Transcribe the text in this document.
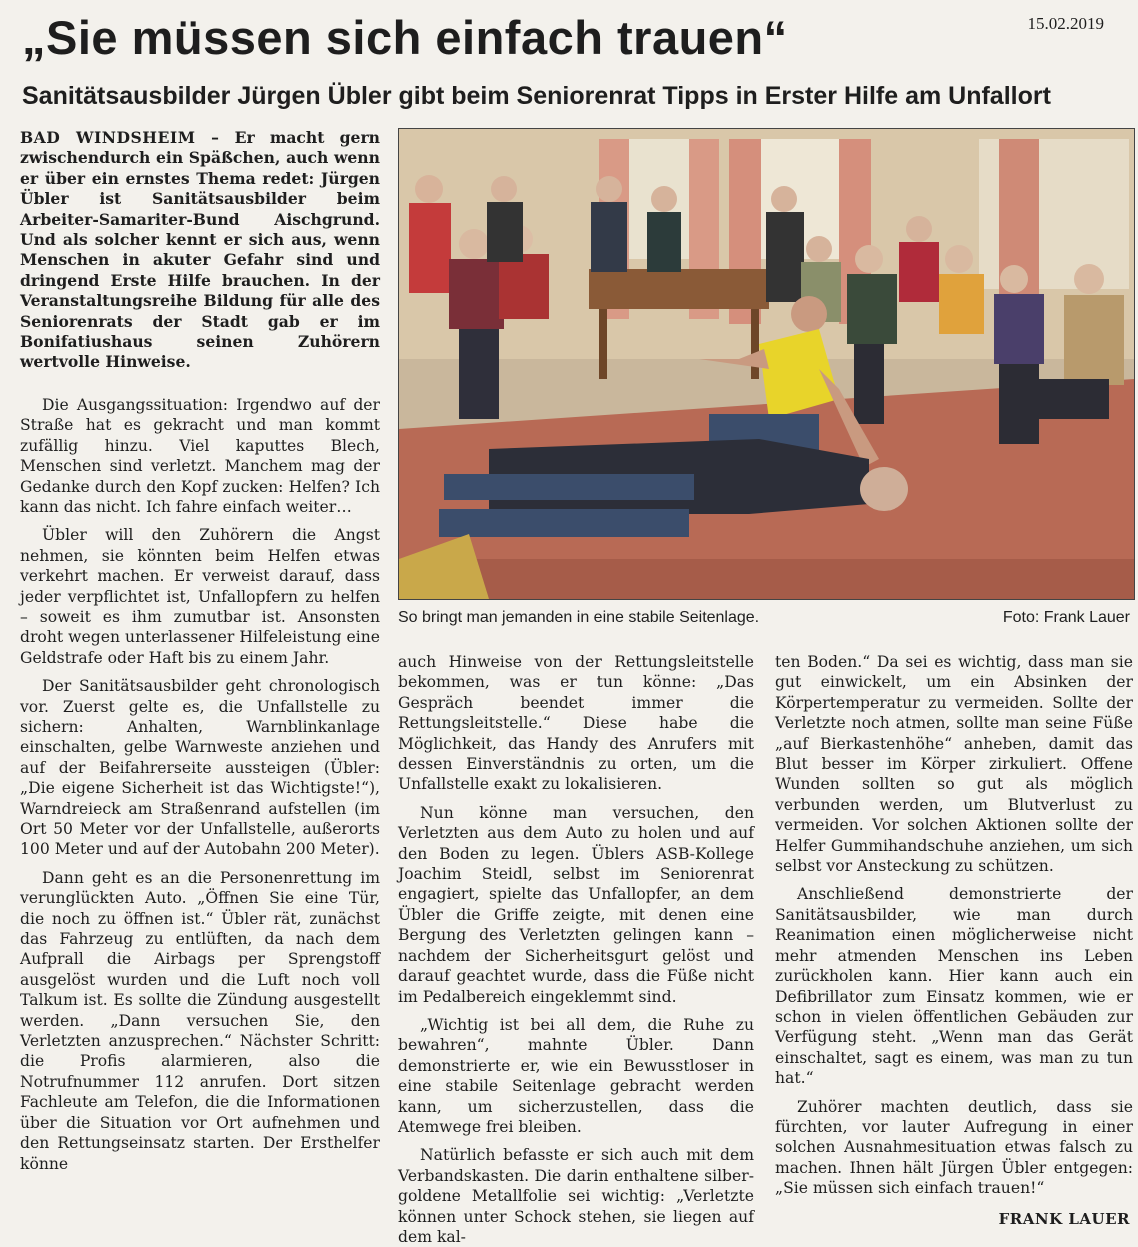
15.02.2019
„Sie müssen sich einfach trauen“
Sanitätsausbilder Jürgen Übler gibt beim Seniorenrat Tipps in Erster Hilfe am Unfallort

BAD WINDSHEIM – Er macht gern zwischendurch ein Späßchen, auch wenn er über ein ernstes Thema redet: Jürgen Übler ist Sanitätsausbilder beim Arbeiter-Samariter-Bund Aischgrund. Und als solcher kennt er sich aus, wenn Menschen in akuter Gefahr sind und dringend Erste Hilfe brauchen. In der Veranstaltungsreihe Bildung für alle des Seniorenrats der Stadt gab er im Bonifatiushaus seinen Zuhörern wertvolle Hinweise.

Die Ausgangssituation: Irgendwo auf der Straße hat es gekracht und man kommt zufällig hinzu. Viel kaputtes Blech, Menschen sind verletzt. Manchem mag der Gedanke durch den Kopf zucken: Helfen? Ich kann das nicht. Ich fahre einfach weiter…

Übler will den Zuhörern die Angst nehmen, sie könnten beim Helfen etwas verkehrt machen. Er verweist darauf, dass jeder verpflichtet ist, Unfallopfern zu helfen – soweit es ihm zumutbar ist. Ansonsten droht wegen unterlassener Hilfeleistung eine Geldstrafe oder Haft bis zu einem Jahr.

Der Sanitätsausbilder geht chronologisch vor. Zuerst gelte es, die Unfallstelle zu sichern: Anhalten, Warnblinkanlage einschalten, gelbe Warnweste anziehen und auf der Beifahrerseite aussteigen (Übler: „Die eigene Sicherheit ist das Wichtigste!“), Warndreieck am Straßenrand aufstellen (im Ort 50 Meter vor der Unfallstelle, außerorts 100 Meter und auf der Autobahn 200 Meter).

Dann geht es an die Personenrettung im verunglückten Auto. „Öffnen Sie eine Tür, die noch zu öffnen ist.“ Übler rät, zunächst das Fahrzeug zu entlüften, da nach dem Aufprall die Airbags per Sprengstoff ausgelöst wurden und die Luft noch voll Talkum ist. Es sollte die Zündung ausgestellt werden. „Dann versuchen Sie, den Verletzten anzusprechen.“ Nächster Schritt: die Profis alarmieren, also die Notrufnummer 112 anrufen. Dort sitzen Fachleute am Telefon, die die Informationen über die Situation vor Ort aufnehmen und den Rettungseinsatz starten. Der Ersthelfer könne

So bringt man jemanden in eine stabile Seitenlage.	Foto: Frank Lauer

auch Hinweise von der Rettungsleitstelle bekommen, was er tun könne: „Das Gespräch beendet immer die Rettungsleitstelle.“ Diese habe die Möglichkeit, das Handy des Anrufers mit dessen Einverständnis zu orten, um die Unfallstelle exakt zu lokalisieren.

Nun könne man versuchen, den Verletzten aus dem Auto zu holen und auf den Boden zu legen. Üblers ASB-Kollege Joachim Steidl, selbst im Seniorenrat engagiert, spielte das Unfallopfer, an dem Übler die Griffe zeigte, mit denen eine Bergung des Verletzten gelingen kann – nachdem der Sicherheitsgurt gelöst und darauf geachtet wurde, dass die Füße nicht im Pedalbereich eingeklemmt sind.

„Wichtig ist bei all dem, die Ruhe zu bewahren“, mahnte Übler. Dann demonstrierte er, wie ein Bewusstloser in eine stabile Seitenlage gebracht werden kann, um sicherzustellen, dass die Atemwege frei bleiben.

Natürlich befasste er sich auch mit dem Verbandskasten. Die darin enthaltene silber-goldene Metallfolie sei wichtig: „Verletzte können unter Schock stehen, sie liegen auf dem kal-

ten Boden.“ Da sei es wichtig, dass man sie gut einwickelt, um ein Absinken der Körpertemperatur zu vermeiden. Sollte der Verletzte noch atmen, sollte man seine Füße „auf Bierkastenhöhe“ anheben, damit das Blut besser im Körper zirkuliert. Offene Wunden sollten so gut als möglich verbunden werden, um Blutverlust zu vermeiden. Vor solchen Aktionen sollte der Helfer Gummihandschuhe anziehen, um sich selbst vor Ansteckung zu schützen.

Anschließend demonstrierte der Sanitätsausbilder, wie man durch Reanimation einen möglicherweise nicht mehr atmenden Menschen ins Leben zurückholen kann. Hier kann auch ein Defibrillator zum Einsatz kommen, wie er schon in vielen öffentlichen Gebäuden zur Verfügung steht. „Wenn man das Gerät einschaltet, sagt es einem, was man zu tun hat.“

Zuhörer machten deutlich, dass sie fürchten, vor lauter Aufregung in einer solchen Ausnahmesituation etwas falsch zu machen. Ihnen hält Jürgen Übler entgegen: „Sie müssen sich einfach trauen!“

FRANK LAUER
